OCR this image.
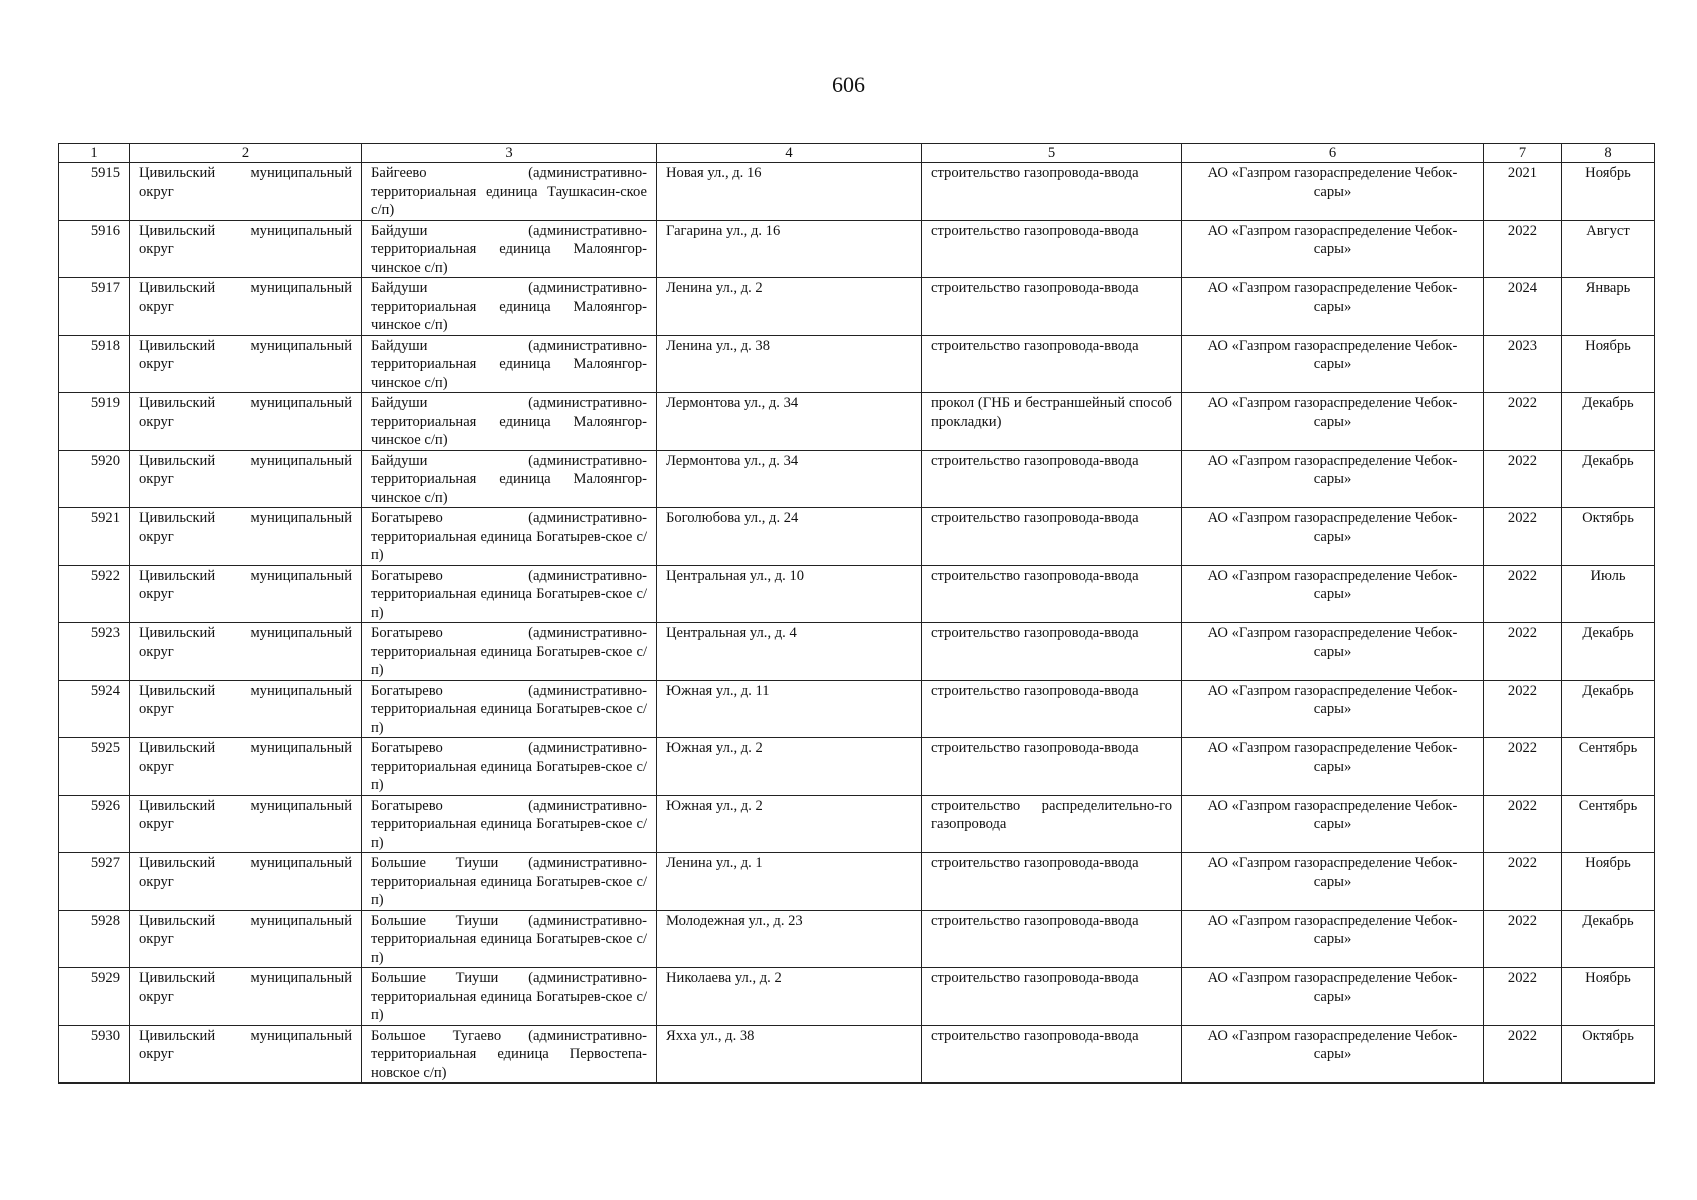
606
1	2	3	4	5	6	7	8
5915	Цивильский муниципальный округ	Байгеево (административно-территориальная единица Таушкасин-ское с/п)	Новая ул., д. 16	строительство газопровода-ввода	АО «Газпром газораспределение Чебок-сары»	2021	Ноябрь
5916	Цивильский муниципальный округ	Байдуши (административно-территориальная единица Малоянгор-чинское с/п)	Гагарина ул., д. 16	строительство газопровода-ввода	АО «Газпром газораспределение Чебок-сары»	2022	Август
5917	Цивильский муниципальный округ	Байдуши (административно-территориальная единица Малоянгор-чинское с/п)	Ленина ул., д. 2	строительство газопровода-ввода	АО «Газпром газораспределение Чебок-сары»	2024	Январь
5918	Цивильский муниципальный округ	Байдуши (административно-территориальная единица Малоянгор-чинское с/п)	Ленина ул., д. 38	строительство газопровода-ввода	АО «Газпром газораспределение Чебок-сары»	2023	Ноябрь
5919	Цивильский муниципальный округ	Байдуши (административно-территориальная единица Малоянгор-чинское с/п)	Лермонтова ул., д. 34	прокол (ГНБ и бестраншейный способ прокладки)	АО «Газпром газораспределение Чебок-сары»	2022	Декабрь
5920	Цивильский муниципальный округ	Байдуши (административно-территориальная единица Малоянгор-чинское с/п)	Лермонтова ул., д. 34	строительство газопровода-ввода	АО «Газпром газораспределение Чебок-сары»	2022	Декабрь
5921	Цивильский муниципальный округ	Богатырево (административно-территориальная единица Богатырев-ское с/п)	Боголюбова ул., д. 24	строительство газопровода-ввода	АО «Газпром газораспределение Чебок-сары»	2022	Октябрь
5922	Цивильский муниципальный округ	Богатырево (административно-территориальная единица Богатырев-ское с/п)	Центральная ул., д. 10	строительство газопровода-ввода	АО «Газпром газораспределение Чебок-сары»	2022	Июль
5923	Цивильский муниципальный округ	Богатырево (административно-территориальная единица Богатырев-ское с/п)	Центральная ул., д. 4	строительство газопровода-ввода	АО «Газпром газораспределение Чебок-сары»	2022	Декабрь
5924	Цивильский муниципальный округ	Богатырево (административно-территориальная единица Богатырев-ское с/п)	Южная ул., д. 11	строительство газопровода-ввода	АО «Газпром газораспределение Чебок-сары»	2022	Декабрь
5925	Цивильский муниципальный округ	Богатырево (административно-территориальная единица Богатырев-ское с/п)	Южная ул., д. 2	строительство газопровода-ввода	АО «Газпром газораспределение Чебок-сары»	2022	Сентябрь
5926	Цивильский муниципальный округ	Богатырево (административно-территориальная единица Богатырев-ское с/п)	Южная ул., д. 2	строительство распределительно-го газопровода	АО «Газпром газораспределение Чебок-сары»	2022	Сентябрь
5927	Цивильский муниципальный округ	Большие Тиуши (административно-территориальная единица Богатырев-ское с/п)	Ленина ул., д. 1	строительство газопровода-ввода	АО «Газпром газораспределение Чебок-сары»	2022	Ноябрь
5928	Цивильский муниципальный округ	Большие Тиуши (административно-территориальная единица Богатырев-ское с/п)	Молодежная ул., д. 23	строительство газопровода-ввода	АО «Газпром газораспределение Чебок-сары»	2022	Декабрь
5929	Цивильский муниципальный округ	Большие Тиуши (административно-территориальная единица Богатырев-ское с/п)	Николаева ул., д. 2	строительство газопровода-ввода	АО «Газпром газораспределение Чебок-сары»	2022	Ноябрь
5930	Цивильский муниципальный округ	Большое Тугаево (административно-территориальная единица Первостепа-новское с/п)	Яхха ул., д. 38	строительство газопровода-ввода	АО «Газпром газораспределение Чебок-сары»	2022	Октябрь
